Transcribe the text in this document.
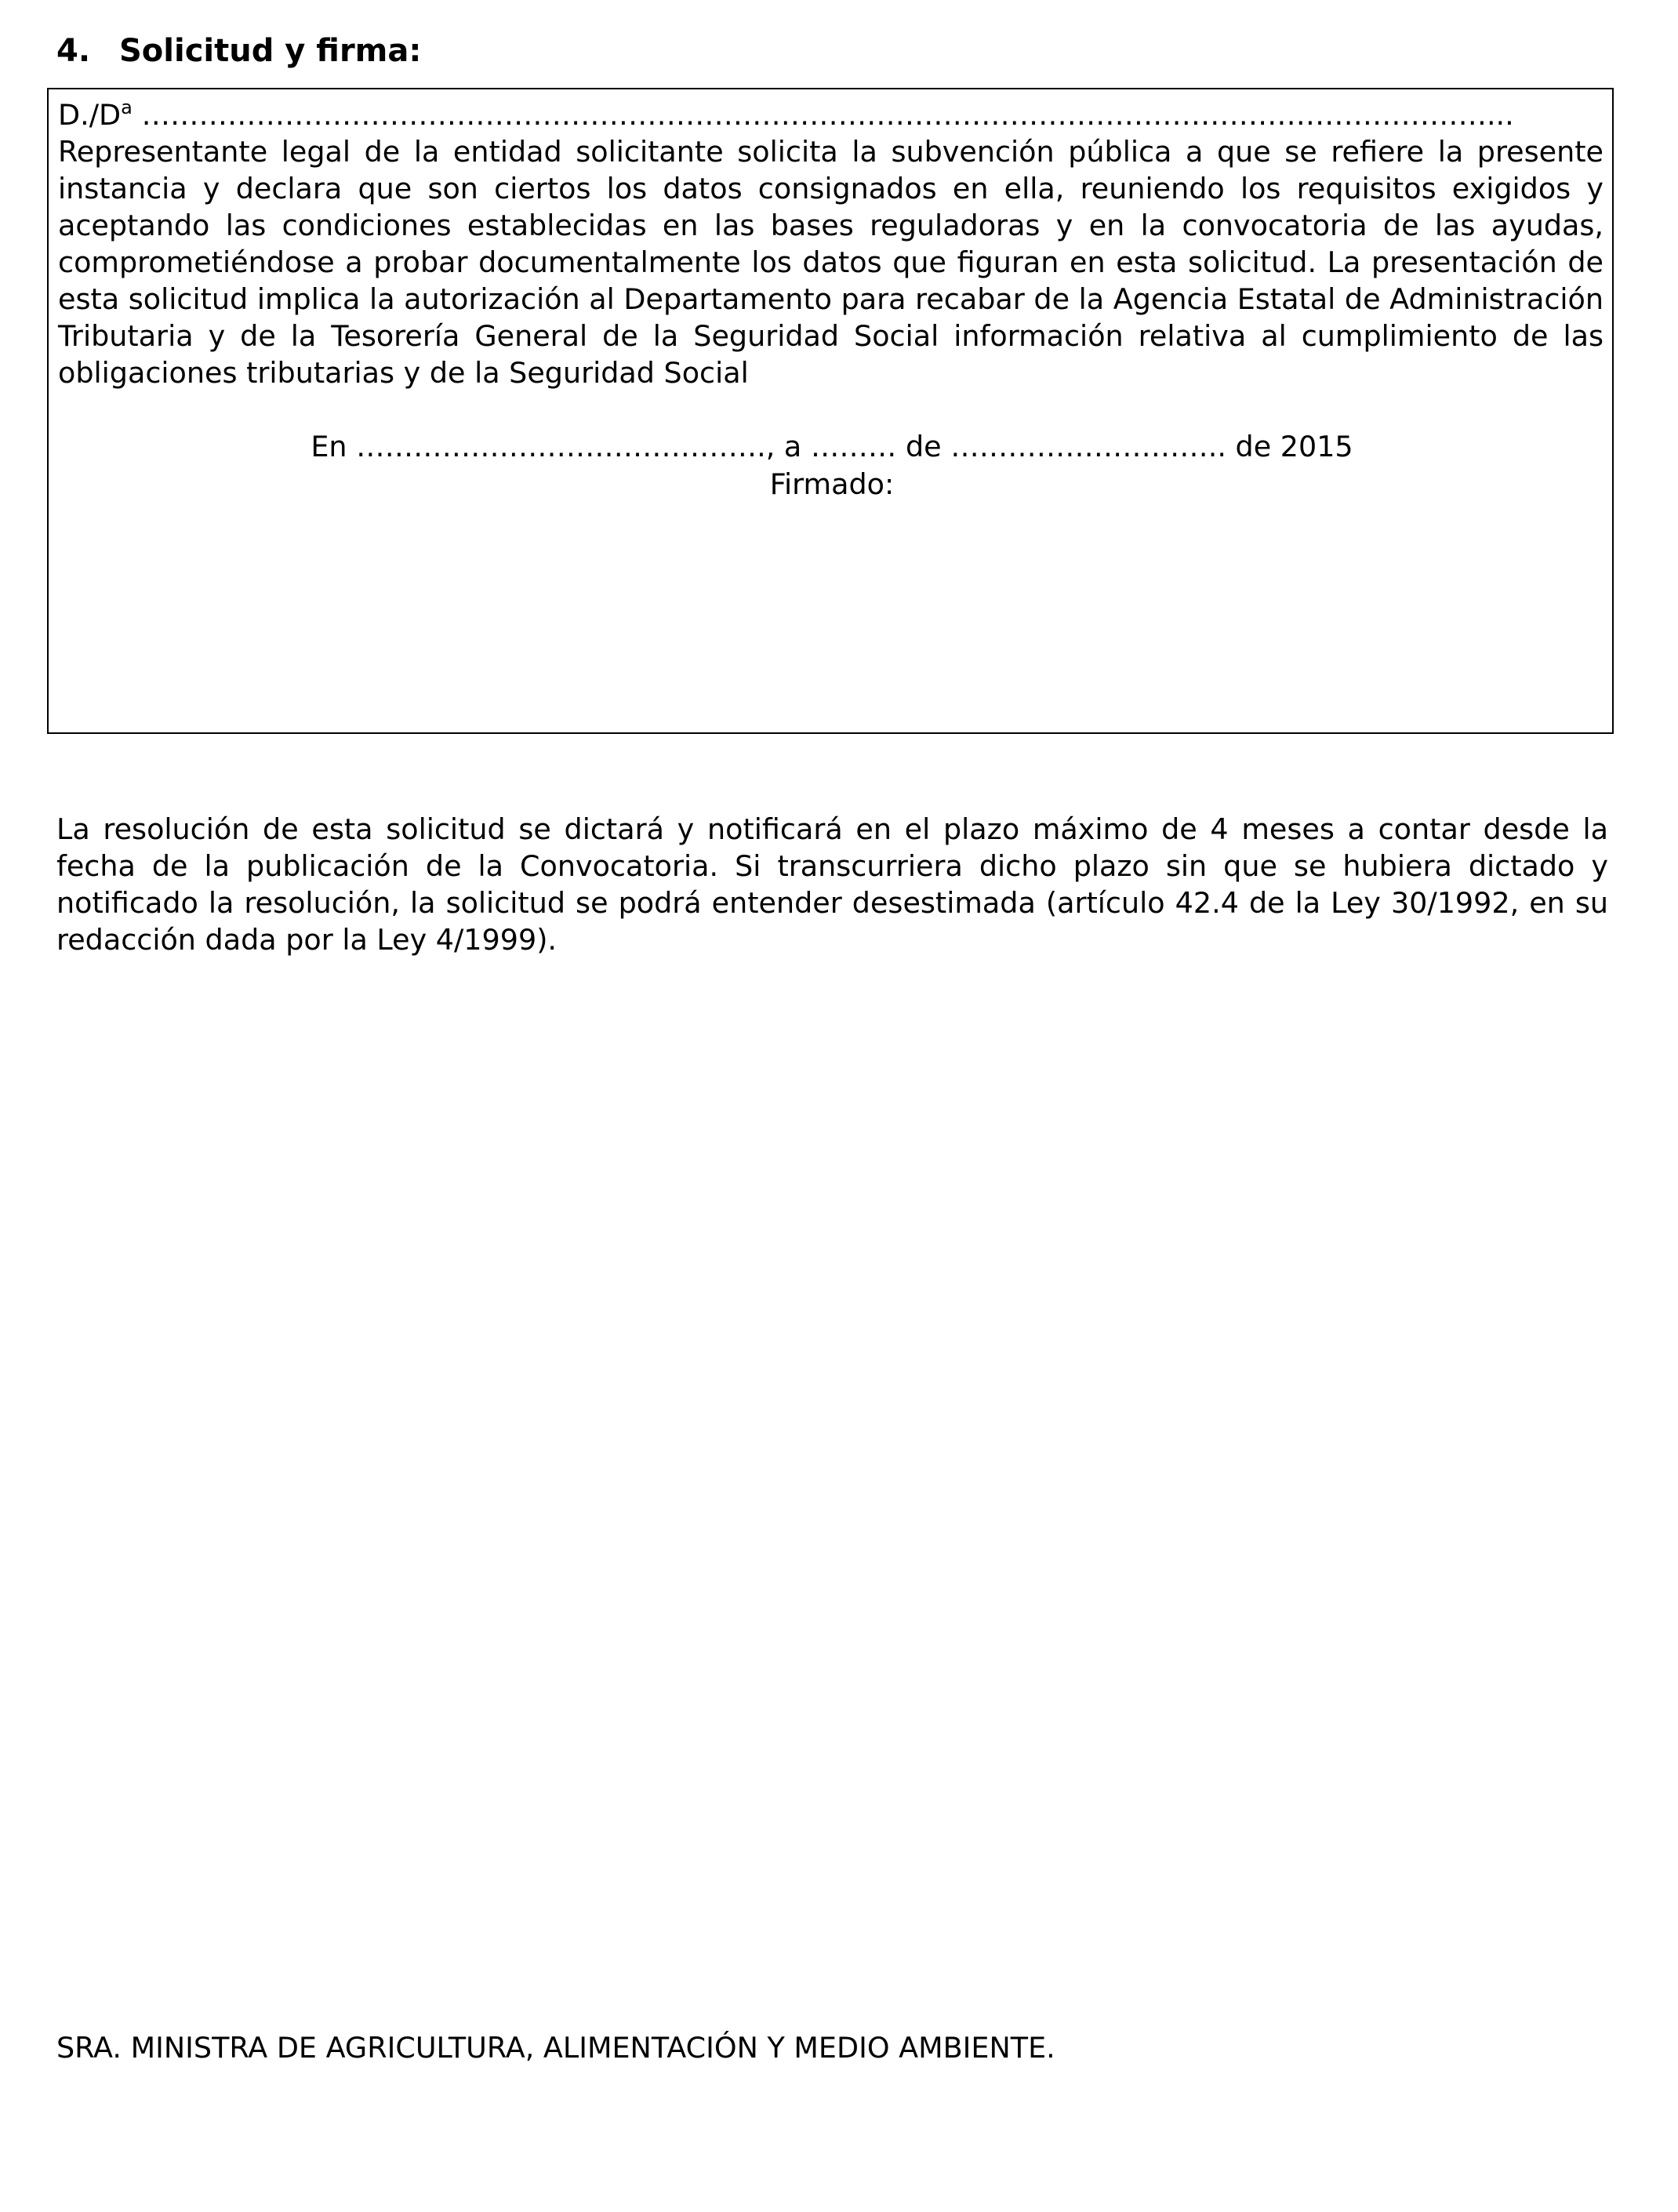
4. Solicitud y firma:
$D./D^a$ ……………………………………………………………………………………………………………………………...
Representante legal de la entidad solicitante solicita la subvención pública a que se refiere la presente instancia y declara que son ciertos los datos consignados en ella, reuniendo los requisitos exigidos y aceptando las condiciones establecidas en las bases reguladoras y en la convocatoria de las ayudas, comprometiéndose a probar documentalmente los datos que figuran en esta solicitud. La presentación de esta solicitud implica la autorización al Departamento para recabar de la Agencia Estatal de Administración Tributaria y de la Tesorería General de la Seguridad Social información relativa al cumplimiento de las obligaciones tributarias y de la Seguridad Social
En ……………………………………., a ……… de ……………………….. de 2015
Firmado:
La resolución de esta solicitud se dictará y notificará en el plazo máximo de 4 meses a contar desde la fecha de la publicación de la Convocatoria. Si transcurriera dicho plazo sin que se hubiera dictado y notificado la resolución, la solicitud se podrá entender desestimada (artículo 42.4 de la Ley 30/1992, en su redacción dada por la Ley 4/1999).
SRA. MINISTRA DE AGRICULTURA, ALIMENTACIÓN Y MEDIO AMBIENTE.
